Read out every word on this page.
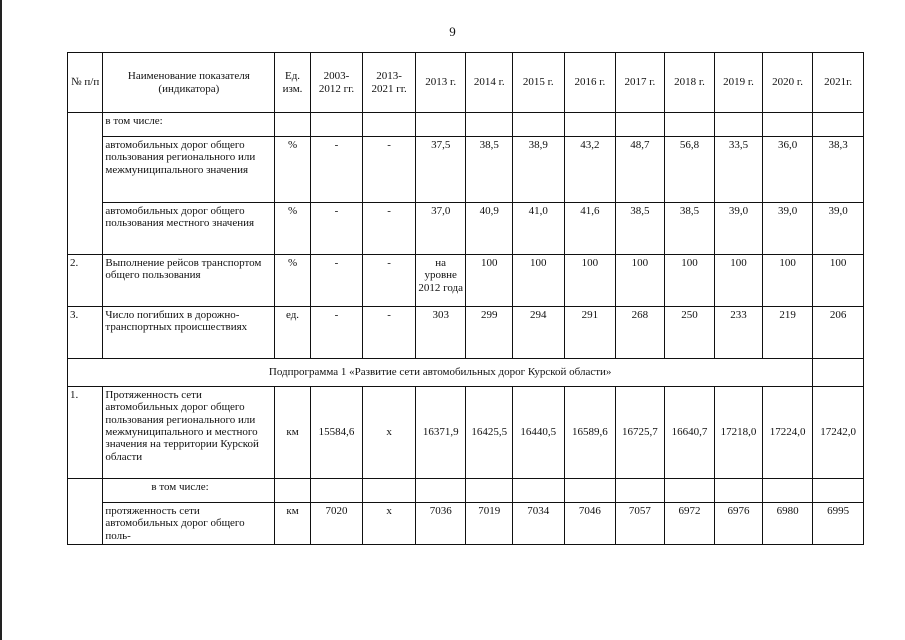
9
№ п/п	Наименование показателя (индикатора)	Ед. изм.	2003-2012 гг.	2013-2021 гг.	2013 г.	2014 г.	2015 г.	2016 г.	2017 г.	2018 г.	2019 г.	2020 г.	2021г.
	в том числе:												
	автомобильных дорог общего пользования регионального или межмуниципального значения	%	-	-	37,5	38,5	38,9	43,2	48,7	56,8	33,5	36,0	38,3
	автомобильных дорог общего пользования местного значения	%	-	-	37,0	40,9	41,0	41,6	38,5	38,5	39,0	39,0	39,0
2.	Выполнение рейсов транспортом общего пользования	%	-	-	на уровне 2012 года	100	100	100	100	100	100	100	100
3.	Число погибших в дорожно-транспортных происшествиях	ед.	-	-	303	299	294	291	268	250	233	219	206
Подпрограмма 1 «Развитие сети автомобильных дорог Курской области»													
1.	Протяженность сети автомобильных дорог общего пользования регионального или межмуниципального и местного значения на территории Курской области	км	15584,6	х	16371,9	16425,5	16440,5	16589,6	16725,7	16640,7	17218,0	17224,0	17242,0
	в том числе:												
	протяженность сети автомобильных дорог общего поль-	км	7020	х	7036	7019	7034	7046	7057	6972	6976	6980	6995
